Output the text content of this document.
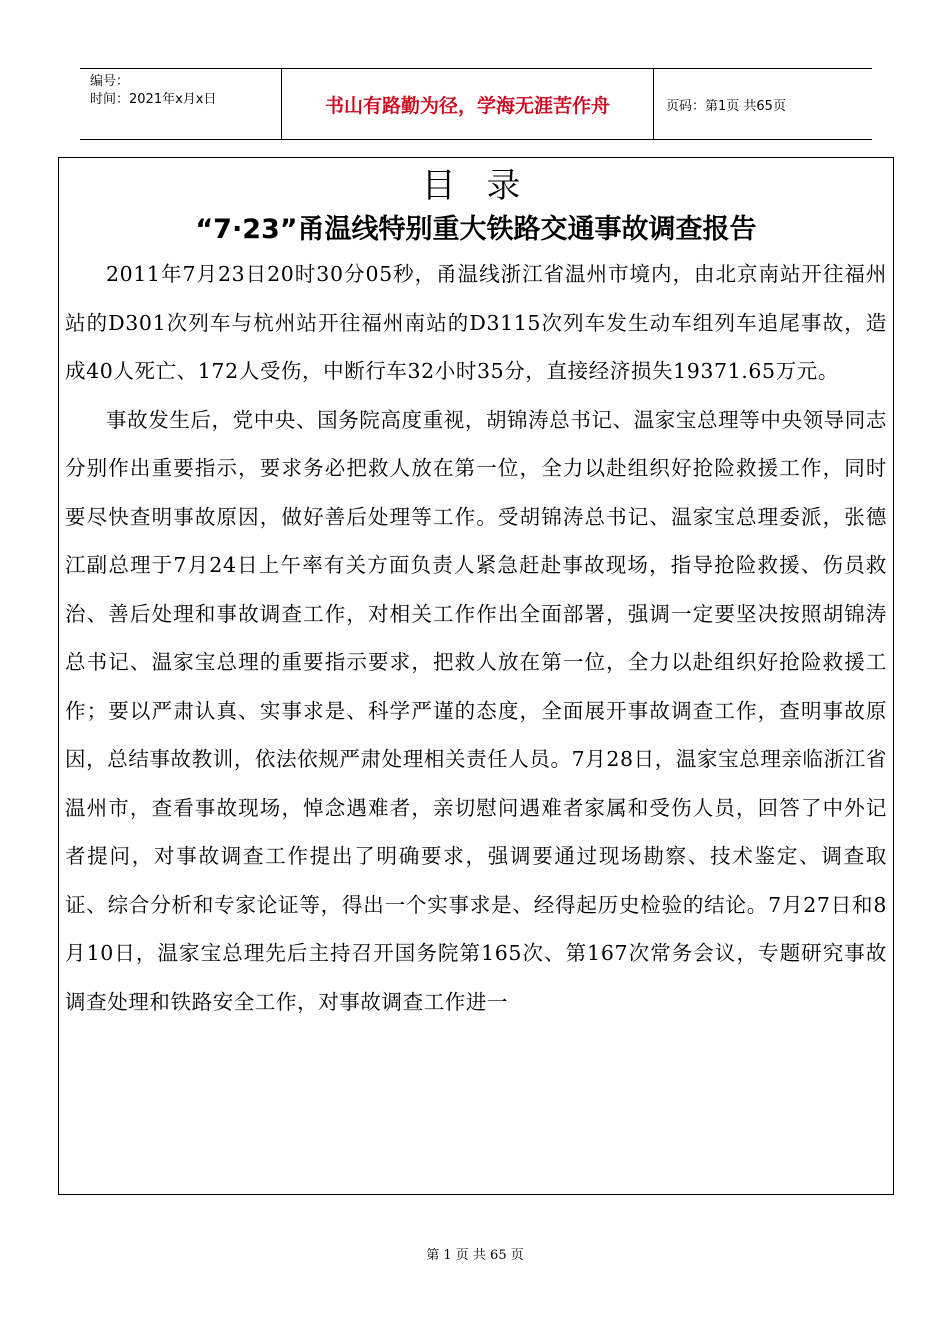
编号：
时间：2021年x月x日	书山有路勤为径，学海无涯苦作舟	页码：第1页 共65页
目 录
“7·23”甬温线特别重大铁路交通事故调查报告

2011年7月23日20时30分05秒，甬温线浙江省温州市境内，由北京南站开往福州站的D301次列车与杭州站开往福州南站的D3115次列车发生动车组列车追尾事故，造成40人死亡、172人受伤，中断行车32小时35分，直接经济损失19371.65万元。

事故发生后，党中央、国务院高度重视，胡锦涛总书记、温家宝总理等中央领导同志分别作出重要指示，要求务必把救人放在第一位，全力以赴组织好抢险救援工作，同时要尽快查明事故原因，做好善后处理等工作。受胡锦涛总书记、温家宝总理委派，张德江副总理于7月24日上午率有关方面负责人紧急赶赴事故现场，指导抢险救援、伤员救治、善后处理和事故调查工作，对相关工作作出全面部署，强调一定要坚决按照胡锦涛总书记、温家宝总理的重要指示要求，把救人放在第一位，全力以赴组织好抢险救援工作；要以严肃认真、实事求是、科学严谨的态度，全面展开事故调查工作，查明事故原因，总结事故教训，依法依规严肃处理相关责任人员。7月28日，温家宝总理亲临浙江省温州市，查看事故现场，悼念遇难者，亲切慰问遇难者家属和受伤人员，回答了中外记者提问，对事故调查工作提出了明确要求，强调要通过现场勘察、技术鉴定、调查取证、综合分析和专家论证等，得出一个实事求是、经得起历史检验的结论。7月27日和8月10日，温家宝总理先后主持召开国务院第165次、第167次常务会议，专题研究事故调查处理和铁路安全工作，对事故调查工作进一

第 1 页 共 65 页
